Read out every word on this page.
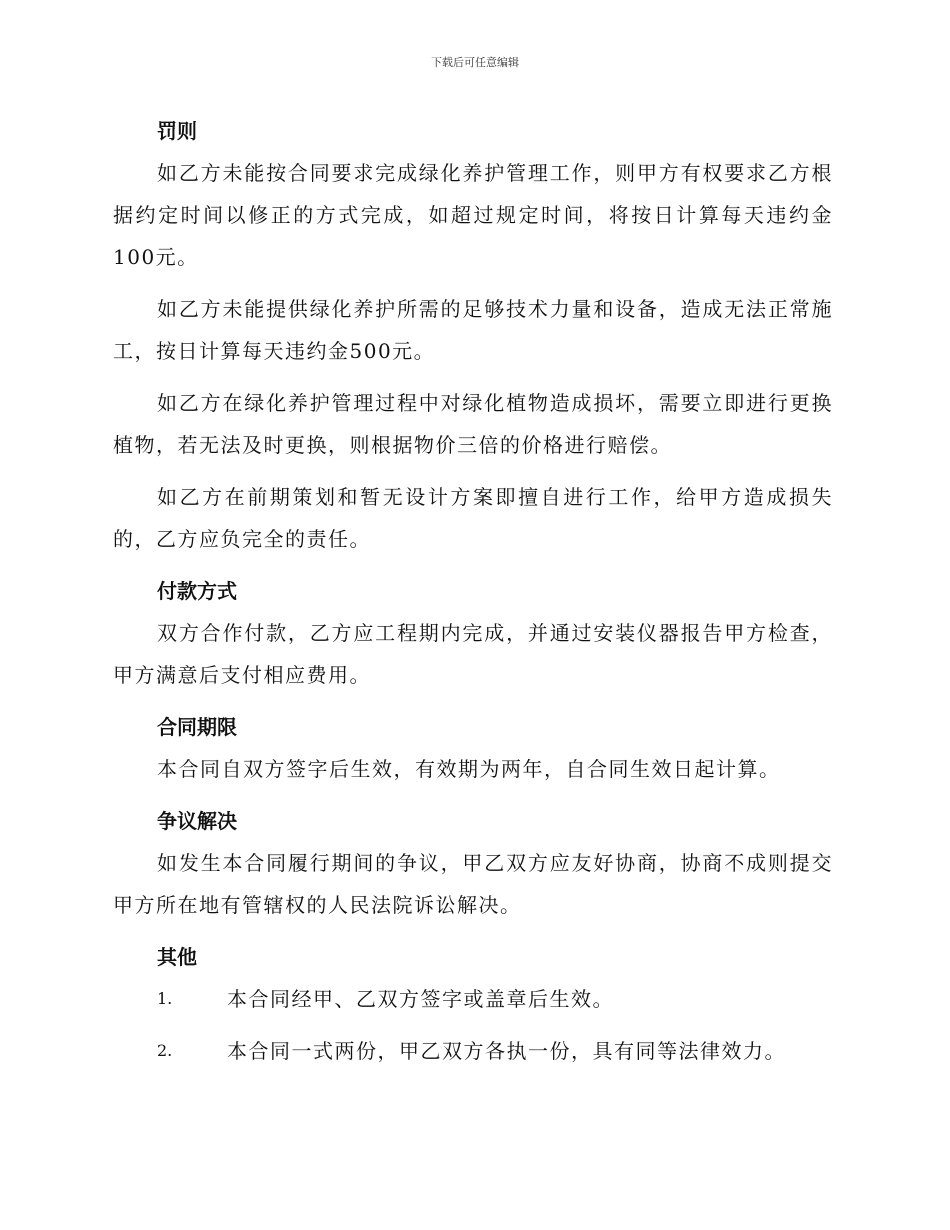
下载后可任意编辑

罚则

如乙方未能按合同要求完成绿化养护管理工作，则甲方有权要求乙方根据约定时间以修正的方式完成，如超过规定时间，将按日计算每天违约金100元。

如乙方未能提供绿化养护所需的足够技术力量和设备，造成无法正常施工，按日计算每天违约金500元。

如乙方在绿化养护管理过程中对绿化植物造成损坏，需要立即进行更换植物，若无法及时更换，则根据物价三倍的价格进行赔偿。

如乙方在前期策划和暂无设计方案即擅自进行工作，给甲方造成损失的，乙方应负完全的责任。

付款方式

双方合作付款，乙方应工程期内完成，并通过安装仪器报告甲方检查，甲方满意后支付相应费用。

合同期限

本合同自双方签字后生效，有效期为两年，自合同生效日起计算。

争议解决

如发生本合同履行期间的争议，甲乙双方应友好协商，协商不成则提交甲方所在地有管辖权的人民法院诉讼解决。

其他

1.	本合同经甲、乙双方签字或盖章后生效。
2.	本合同一式两份，甲乙双方各执一份，具有同等法律效力。
